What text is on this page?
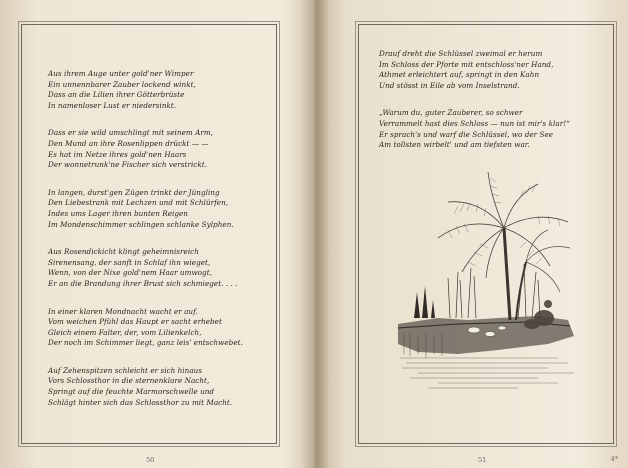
Aus ihrem Auge unter gold'ner Wimper
Ein unnennbarer Zauber lockend winkt,
Dass an die Lilien ihrer Götterbrüste
In namenloser Lust er niedersinkt.
Dass er sie wild umschlingt mit seinem Arm,
Den Mund an ihre Rosenlippen drückt — —
Es hat im Netze ihres gold'nen Haars
Der wonnetrunk'ne Fischer sich verstrickt.
In langen, durst'gen Zügen trinkt der Jüngling
Den Liebestrank mit Lechzen und mit Schlürfen,
Indes ums Lager ihren bunten Reigen
Im Mondenschimmer schlingen schlanke Sylphen.
Aus Rosendickicht klingt geheimnisreich
Sirenensang, der sanft in Schlaf ihn wieget,
Wenn, von der Nixe gold'nem Haar umwogt,
Er an die Brandung ihrer Brust sich schmieget. . . .
In einer klaren Mondnacht wacht er auf.
Vom weichen Pfühl das Haupt er sacht erhebet
Gleich einem Falter, der, vom Lilienkelch,
Der noch im Schimmer liegt, ganz leis' entschwebet.
Auf Zehenspitzen schleicht er sich hinaus
Vors Schlossthor in die sternenklare Nacht,
Springt auf die feuchte Marmorschwelle und
Schlägt hinter sich das Schlossthor zu mit Macht.
50
Drauf dreht die Schlüssel zweimal er herum
Im Schloss der Pforte mit entschloss'ner Hand,
Athmet erleichtert auf, springt in den Kahn
Und stösst in Eile ab vom Inselstrand.
„Warum du, guter Zauberer, so schwer
Verrammelt hast dies Schloss — nun ist mir's klar!“
Er sprach's und warf die Schlüssel, wo der See
Am tollsten wirbelt' und am tiefsten war.
51	4*
